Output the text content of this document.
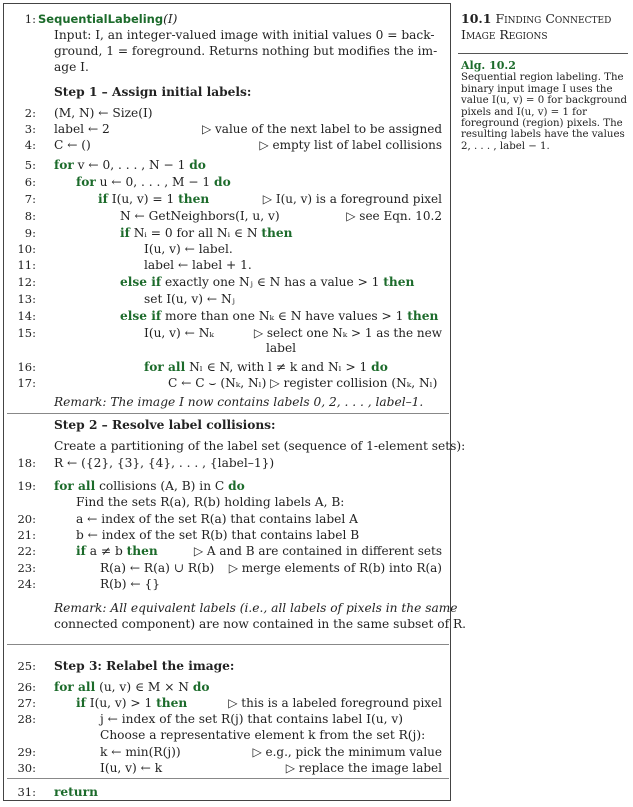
1: SequentialLabeling(I)
Input: I, an integer-valued image with initial values 0 = back-
ground, 1 = foreground. Returns nothing but modifies the im-
age I.
Step 1 – Assign initial labels:
2: (M, N) ← Size(I)
3: label ← 2	▷ value of the next label to be assigned
4: C ← ()	▷ empty list of label collisions
5: for v ← 0, . . . , N − 1 do
6:	for u ← 0, . . . , M − 1 do
7:	if I(u, v) = 1 then	▷ I(u, v) is a foreground pixel
8:	N ← GetNeighbors(I, u, v)	▷ see Eqn. 10.2
9:	if Nᵢ = 0 for all Nᵢ ∈ N then
10:	I(u, v) ← label.
11:	label ← label + 1.
12:	else if exactly one Nⱼ ∈ N has a value > 1 then
13:	set I(u, v) ← Nⱼ
14:	else if more than one Nₖ ∈ N have values > 1 then
15:	I(u, v) ← Nₖ	▷ select one Nₖ > 1 as the new
label
16:	for all Nₗ ∈ N, with l ≠ k and Nₗ > 1 do
17:	C ← C ⌣ (Nₖ, Nₗ) ▷ register collision (Nₖ, Nₗ)
Remark: The image I now contains labels 0, 2, . . . , label–1.
Step 2 – Resolve label collisions:
Create a partitioning of the label set (sequence of 1-element sets):
18: R ← ({2}, {3}, {4}, . . . , {label–1})
19: for all collisions (A, B) in C do
Find the sets R(a), R(b) holding labels A, B:
20:	a ← index of the set R(a) that contains label A
21:	b ← index of the set R(b) that contains label B
22:	if a ≠ b then	▷ A and B are contained in different sets
23:	R(a) ← R(a) ∪ R(b) ▷ merge elements of R(b) into R(a)
24:	R(b) ← {}
Remark: All equivalent labels (i.e., all labels of pixels in the same
connected component) are now contained in the same subset of R.
25: Step 3: Relabel the image:
26: for all (u, v) ∈ M × N do
27:	if I(u, v) > 1 then	▷ this is a labeled foreground pixel
28:	j ← index of the set R(j) that contains label I(u, v)
Choose a representative element k from the set R(j):
29:	k ← min(R(j))	▷ e.g., pick the minimum value
30:	I(u, v) ← k	▷ replace the image label
31: return
10.1 Finding Connected Image Regions
Alg. 10.2
Sequential region labeling. The binary input image I uses the value I(u, v) = 0 for background pixels and I(u, v) = 1 for foreground (region) pixels. The resulting labels have the values 2, . . . , label − 1.
